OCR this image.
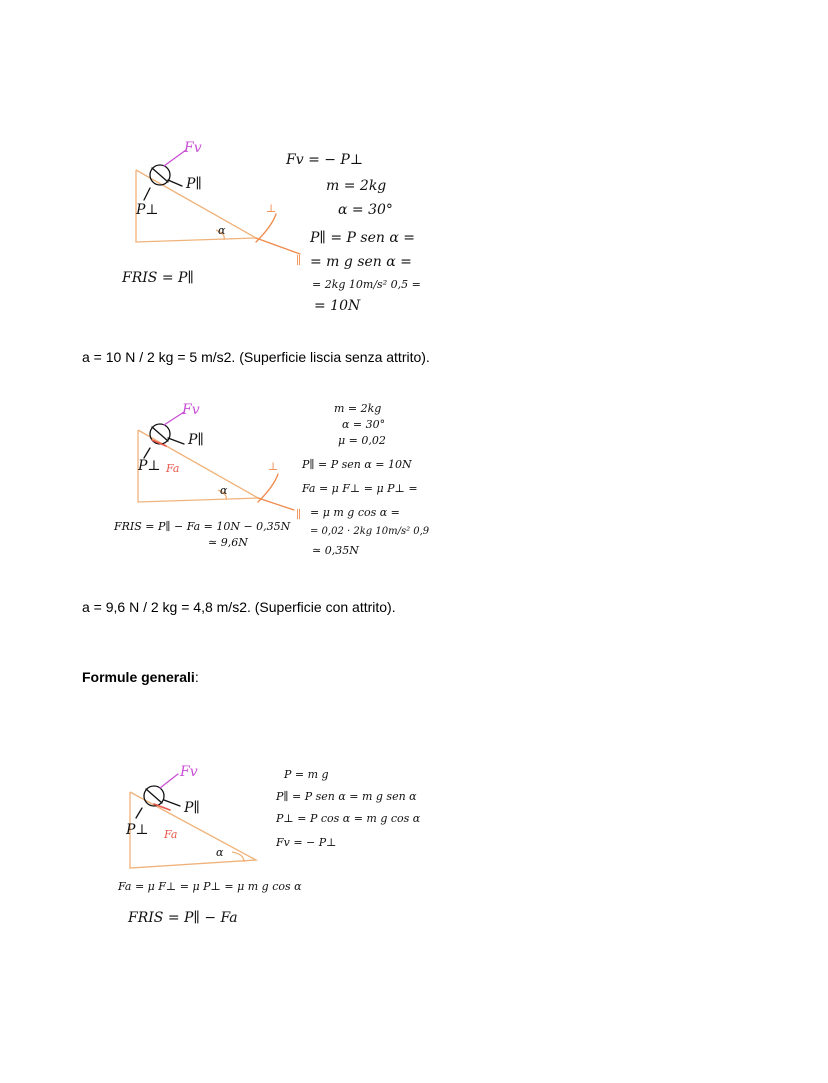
α
Fv
P∥
P⊥	⊥
∥
FRIS = P∥
Fv = − P⊥
m = 2kg
α = 30°
P∥ = P sen α =
= m g sen α =
= 2kg 10m/s² 0,5 =
= 10N
a = 10 N / 2 kg = 5 m/s2. (Superficie liscia senza attrito).
α
Fv
P∥
Fa
P⊥	⊥
∥
FRIS = P∥ − Fa = 10N − 0,35N
≃ 9,6N
m = 2kg
α = 30°
μ = 0,02
P∥ = P sen α = 10N
Fa = μ F⊥ = μ P⊥ =
= μ m g cos α =
= 0,02 · 2kg 10m/s² 0,9
≃ 0,35N
a = 9,6 N / 2 kg = 4,8 m/s2. (Superficie con attrito).
Formule generali:
α
Fv
P∥
Fa
P⊥
P = m g
P∥ = P sen α = m g sen α
P⊥ = P cos α = m g cos α
Fv = − P⊥
Fa = μ F⊥ = μ P⊥ = μ m g cos α
FRIS = P∥ − Fa
